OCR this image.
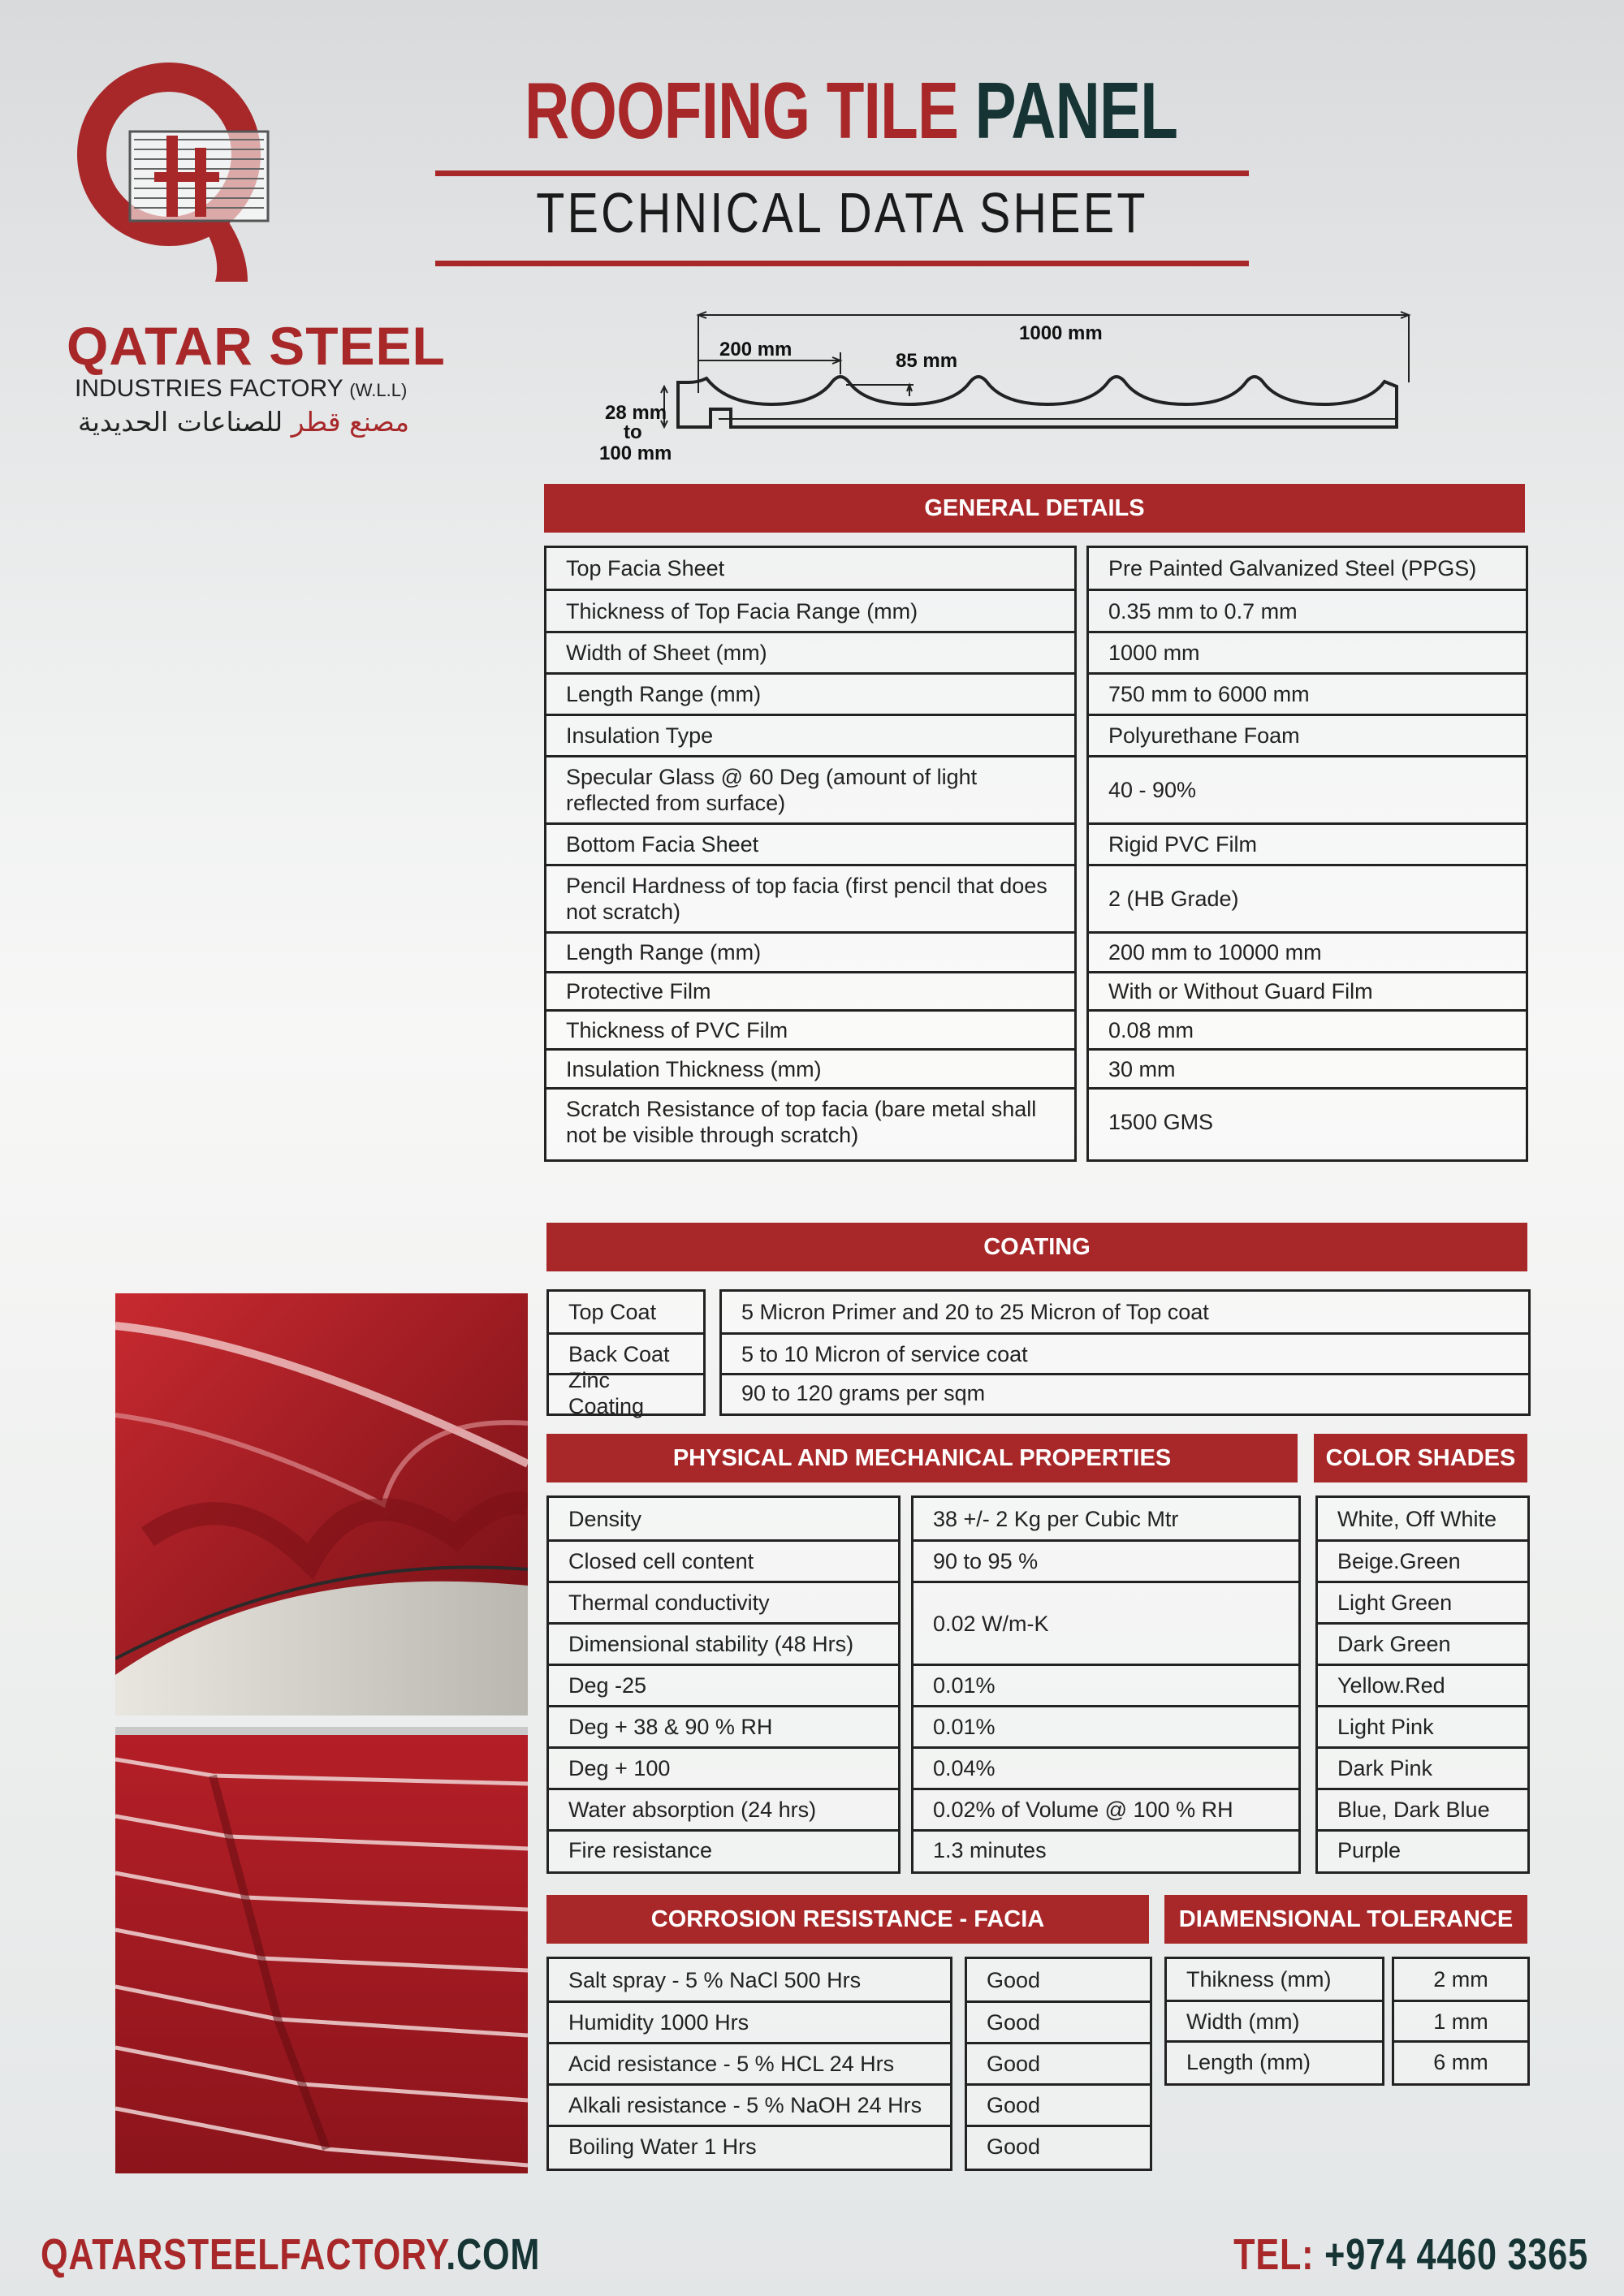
QATAR STEEL
INDUSTRIES FACTORY (W.L.L)
مصنع قطر للصناعات الحديدية
ROOFING TILE PANEL
TECHNICAL DATA SHEET
1000 mm
200 mm
85 mm
28 mm
to
100 mm
GENERAL DETAILS
Top Facia Sheet
Thickness of Top Facia Range (mm)
Width of Sheet (mm)
Length Range (mm)
Insulation Type
Specular Glass @ 60 Deg (amount of light reflected from surface)
Bottom Facia Sheet
Pencil Hardness of top facia (first pencil that does not scratch)
Length Range (mm)
Protective Film
Thickness of PVC Film
Insulation Thickness (mm)
Scratch Resistance of top facia (bare metal shall not be visible through scratch)
Pre Painted Galvanized Steel (PPGS)
0.35 mm to 0.7 mm
1000 mm
750 mm to 6000 mm
Polyurethane Foam
40 - 90%
Rigid PVC Film
2 (HB Grade)
200 mm to 10000 mm
With or Without Guard Film
0.08 mm
30 mm
1500 GMS
COATING
Top Coat
Back Coat
Zinc Coating
5 Micron Primer and 20 to 25 Micron of Top coat
5 to 10 Micron of service coat
90 to 120 grams per sqm
PHYSICAL AND MECHANICAL PROPERTIES
Density
Closed cell content
Thermal conductivity
Dimensional stability (48 Hrs)
Deg -25
Deg + 38 & 90 % RH
Deg + 100
Water absorption (24 hrs)
Fire resistance
38 +/- 2 Kg per Cubic Mtr
90 to 95 %
0.02 W/m-K
0.01%
0.01%
0.04%
0.02% of Volume @ 100 % RH
1.3 minutes
COLOR SHADES
White, Off White
Beige.Green
Light Green
Dark Green
Yellow.Red
Light Pink
Dark Pink
Blue, Dark Blue
Purple
CORROSION RESISTANCE - FACIA
Salt spray - 5 % NaCl 500 Hrs
Humidity 1000 Hrs
Acid resistance - 5 % HCL 24 Hrs
Alkali resistance - 5 % NaOH 24 Hrs
Boiling Water 1 Hrs
Good
Good
Good
Good
Good
DIAMENSIONAL TOLERANCE
Thikness (mm)
Width (mm)
Length (mm)
2 mm
1 mm
6 mm
QATARSTEELFACTORY.COM	TEL: +974 4460 3365
